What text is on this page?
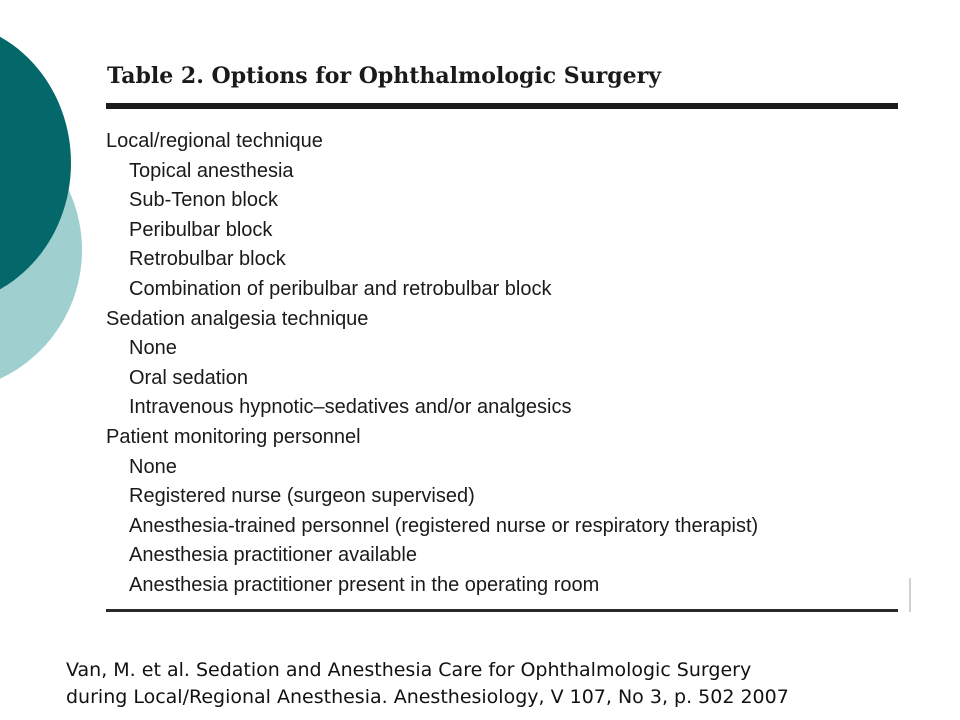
Table 2. Options for Ophthalmologic Surgery
Local/regional technique
Topical anesthesia
Sub-Tenon block
Peribulbar block
Retrobulbar block
Combination of peribulbar and retrobulbar block
Sedation analgesia technique
None
Oral sedation
Intravenous hypnotic–sedatives and/or analgesics
Patient monitoring personnel
None
Registered nurse (surgeon supervised)
Anesthesia-trained personnel (registered nurse or respiratory therapist)
Anesthesia practitioner available
Anesthesia practitioner present in the operating room
Van, M. et al. Sedation and Anesthesia Care for Ophthalmologic Surgery
during Local/Regional Anesthesia. Anesthesiology, V 107, No 3, p. 502 2007
